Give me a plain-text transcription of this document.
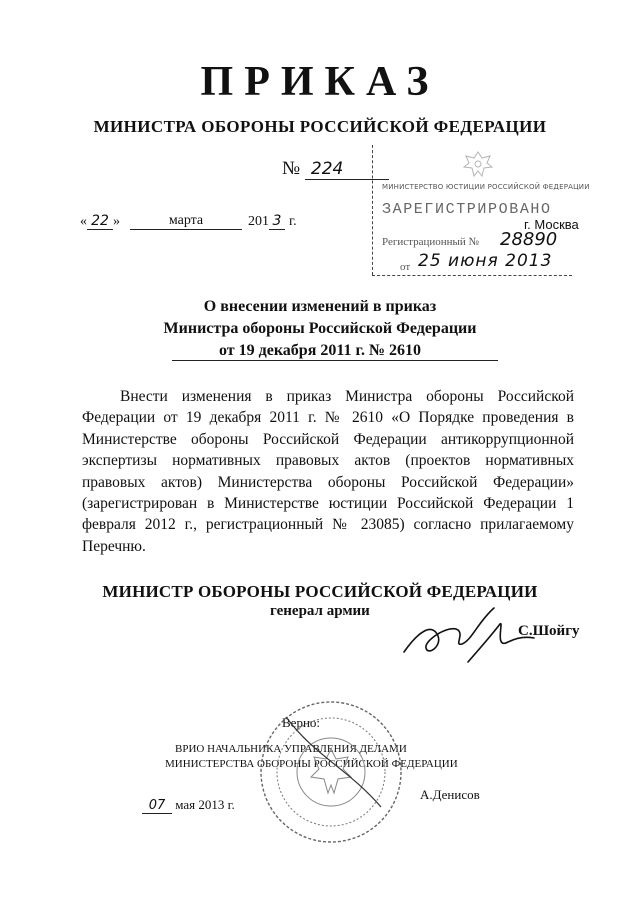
ПРИКАЗ
МИНИСТРА ОБОРОНЫ РОССИЙСКОЙ ФЕДЕРАЦИИ
№ 224
« 22 »	марта	201 3 г.
МИНИСТЕРСТВО ЮСТИЦИИ РОССИЙСКОЙ ФЕДЕРАЦИИ
ЗАРЕГИСТРИРОВАНО
г. Москва
Регистрационный № 28890
от 25 июня 2013
О внесении изменений в приказ
Министра обороны Российской Федерации
от 19 декабря 2011 г. № 2610

Внести изменения в приказ Министра обороны Российской Федерации от 19 декабря 2011 г. № 2610 «О Порядке проведения в Министерстве обороны Российской Федерации антикоррупционной экспертизы нормативных правовых актов (проектов нормативных правовых актов) Министерства обороны Российской Федерации» (зарегистрирован в Министерстве юстиции Российской Федерации 1 февраля 2012 г., регистрационный № 23085) согласно прилагаемому Перечню.

МИНИСТР ОБОРОНЫ РОССИЙСКОЙ ФЕДЕРАЦИИ
генерал армии
С.Шойгу
Верно:
ВРИО НАЧАЛЬНИКА УПРАВЛЕНИЯ ДЕЛАМИ
МИНИСТЕРСТВА ОБОРОНЫ РОССИЙСКОЙ ФЕДЕРАЦИИ
А.Денисов
07 мая 2013 г.
